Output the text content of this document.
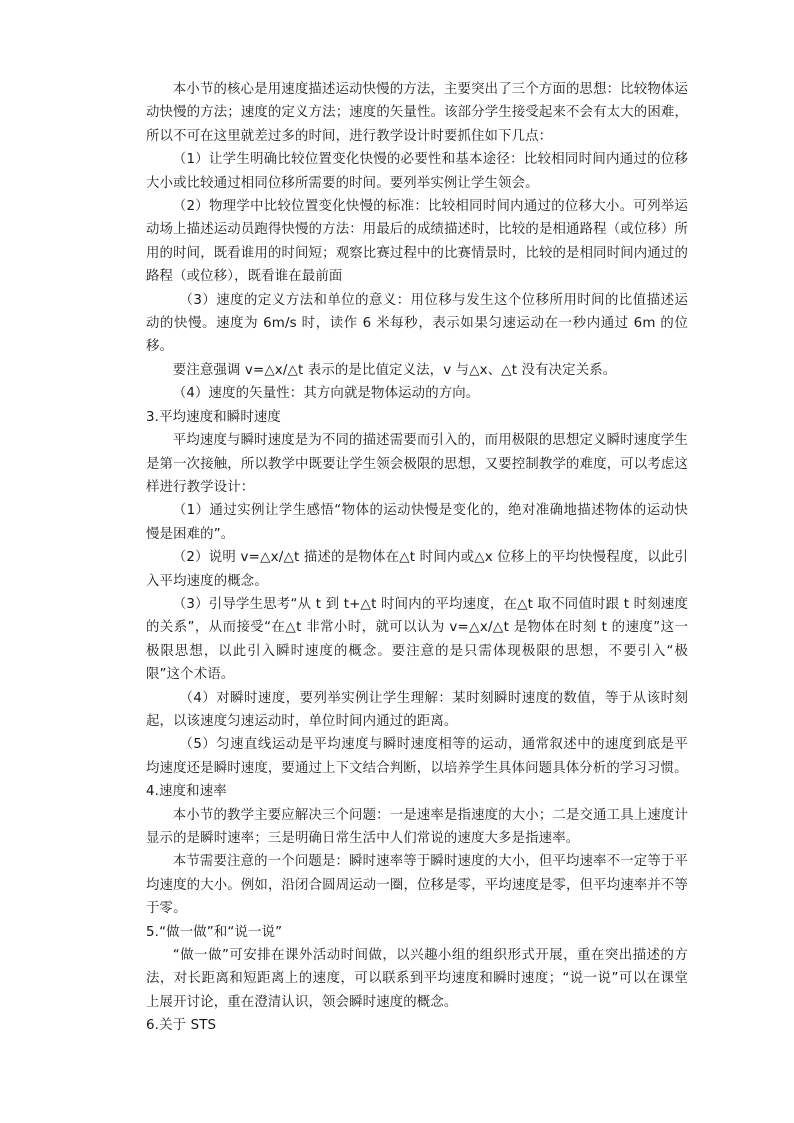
本小节的核心是用速度描述运动快慢的方法，主要突出了三个方面的思想：比较物体运动快慢的方法；速度的定义方法；速度的矢量性。该部分学生接受起来不会有太大的困难，所以不可在这里就差过多的时间，进行教学设计时要抓住如下几点：

（1）让学生明确比较位置变化快慢的必要性和基本途径：比较相同时间内通过的位移大小或比较通过相同位移所需要的时间。要列举实例让学生领会。

（2）物理学中比较位置变化快慢的标准：比较相同时间内通过的位移大小。可列举运动场上描述运动员跑得快慢的方法：用最后的成绩描述时，比较的是相通路程（或位移）所用的时间，既看谁用的时间短；观察比赛过程中的比赛情景时，比较的是相同时间内通过的路程（或位移），既看谁在最前面

（3）速度的定义方法和单位的意义：用位移与发生这个位移所用时间的比值描述运动的快慢。速度为 6m/s 时，读作 6 米每秒，表示如果匀速运动在一秒内通过 6m 的位移。

要注意强调 v=△x/△t 表示的是比值定义法，v 与△x、△t 没有决定关系。

（4）速度的矢量性：其方向就是物体运动的方向。

3.平均速度和瞬时速度

平均速度与瞬时速度是为不同的描述需要而引入的，而用极限的思想定义瞬时速度学生是第一次接触，所以教学中既要让学生领会极限的思想，又要控制教学的难度，可以考虑这样进行教学设计：

（1）通过实例让学生感悟“物体的运动快慢是变化的，绝对准确地描述物体的运动快慢是困难的”。

（2）说明 v=△x/△t 描述的是物体在△t 时间内或△x 位移上的平均快慢程度，以此引入平均速度的概念。

（3）引导学生思考“从 t 到 t+△t 时间内的平均速度，在△t 取不同值时跟 t 时刻速度的关系”，从而接受“在△t 非常小时，就可以认为 v=△x/△t 是物体在时刻 t 的速度”这一极限思想，以此引入瞬时速度的概念。要注意的是只需体现极限的思想，不要引入“极限”这个术语。

（4）对瞬时速度，要列举实例让学生理解：某时刻瞬时速度的数值，等于从该时刻起，以该速度匀速运动时，单位时间内通过的距离。

（5）匀速直线运动是平均速度与瞬时速度相等的运动，通常叙述中的速度到底是平均速度还是瞬时速度，要通过上下文结合判断，以培养学生具体问题具体分析的学习习惯。

4.速度和速率

本小节的教学主要应解决三个问题：一是速率是指速度的大小；二是交通工具上速度计显示的是瞬时速率；三是明确日常生活中人们常说的速度大多是指速率。

本节需要注意的一个问题是：瞬时速率等于瞬时速度的大小，但平均速率不一定等于平均速度的大小。例如，沿闭合圆周运动一圈，位移是零，平均速度是零，但平均速率并不等于零。

5.“做一做”和“说一说”

“做一做”可安排在课外活动时间做，以兴趣小组的组织形式开展，重在突出描述的方法，对长距离和短距离上的速度，可以联系到平均速度和瞬时速度；“说一说”可以在课堂上展开讨论，重在澄清认识，领会瞬时速度的概念。

6.关于 STS
